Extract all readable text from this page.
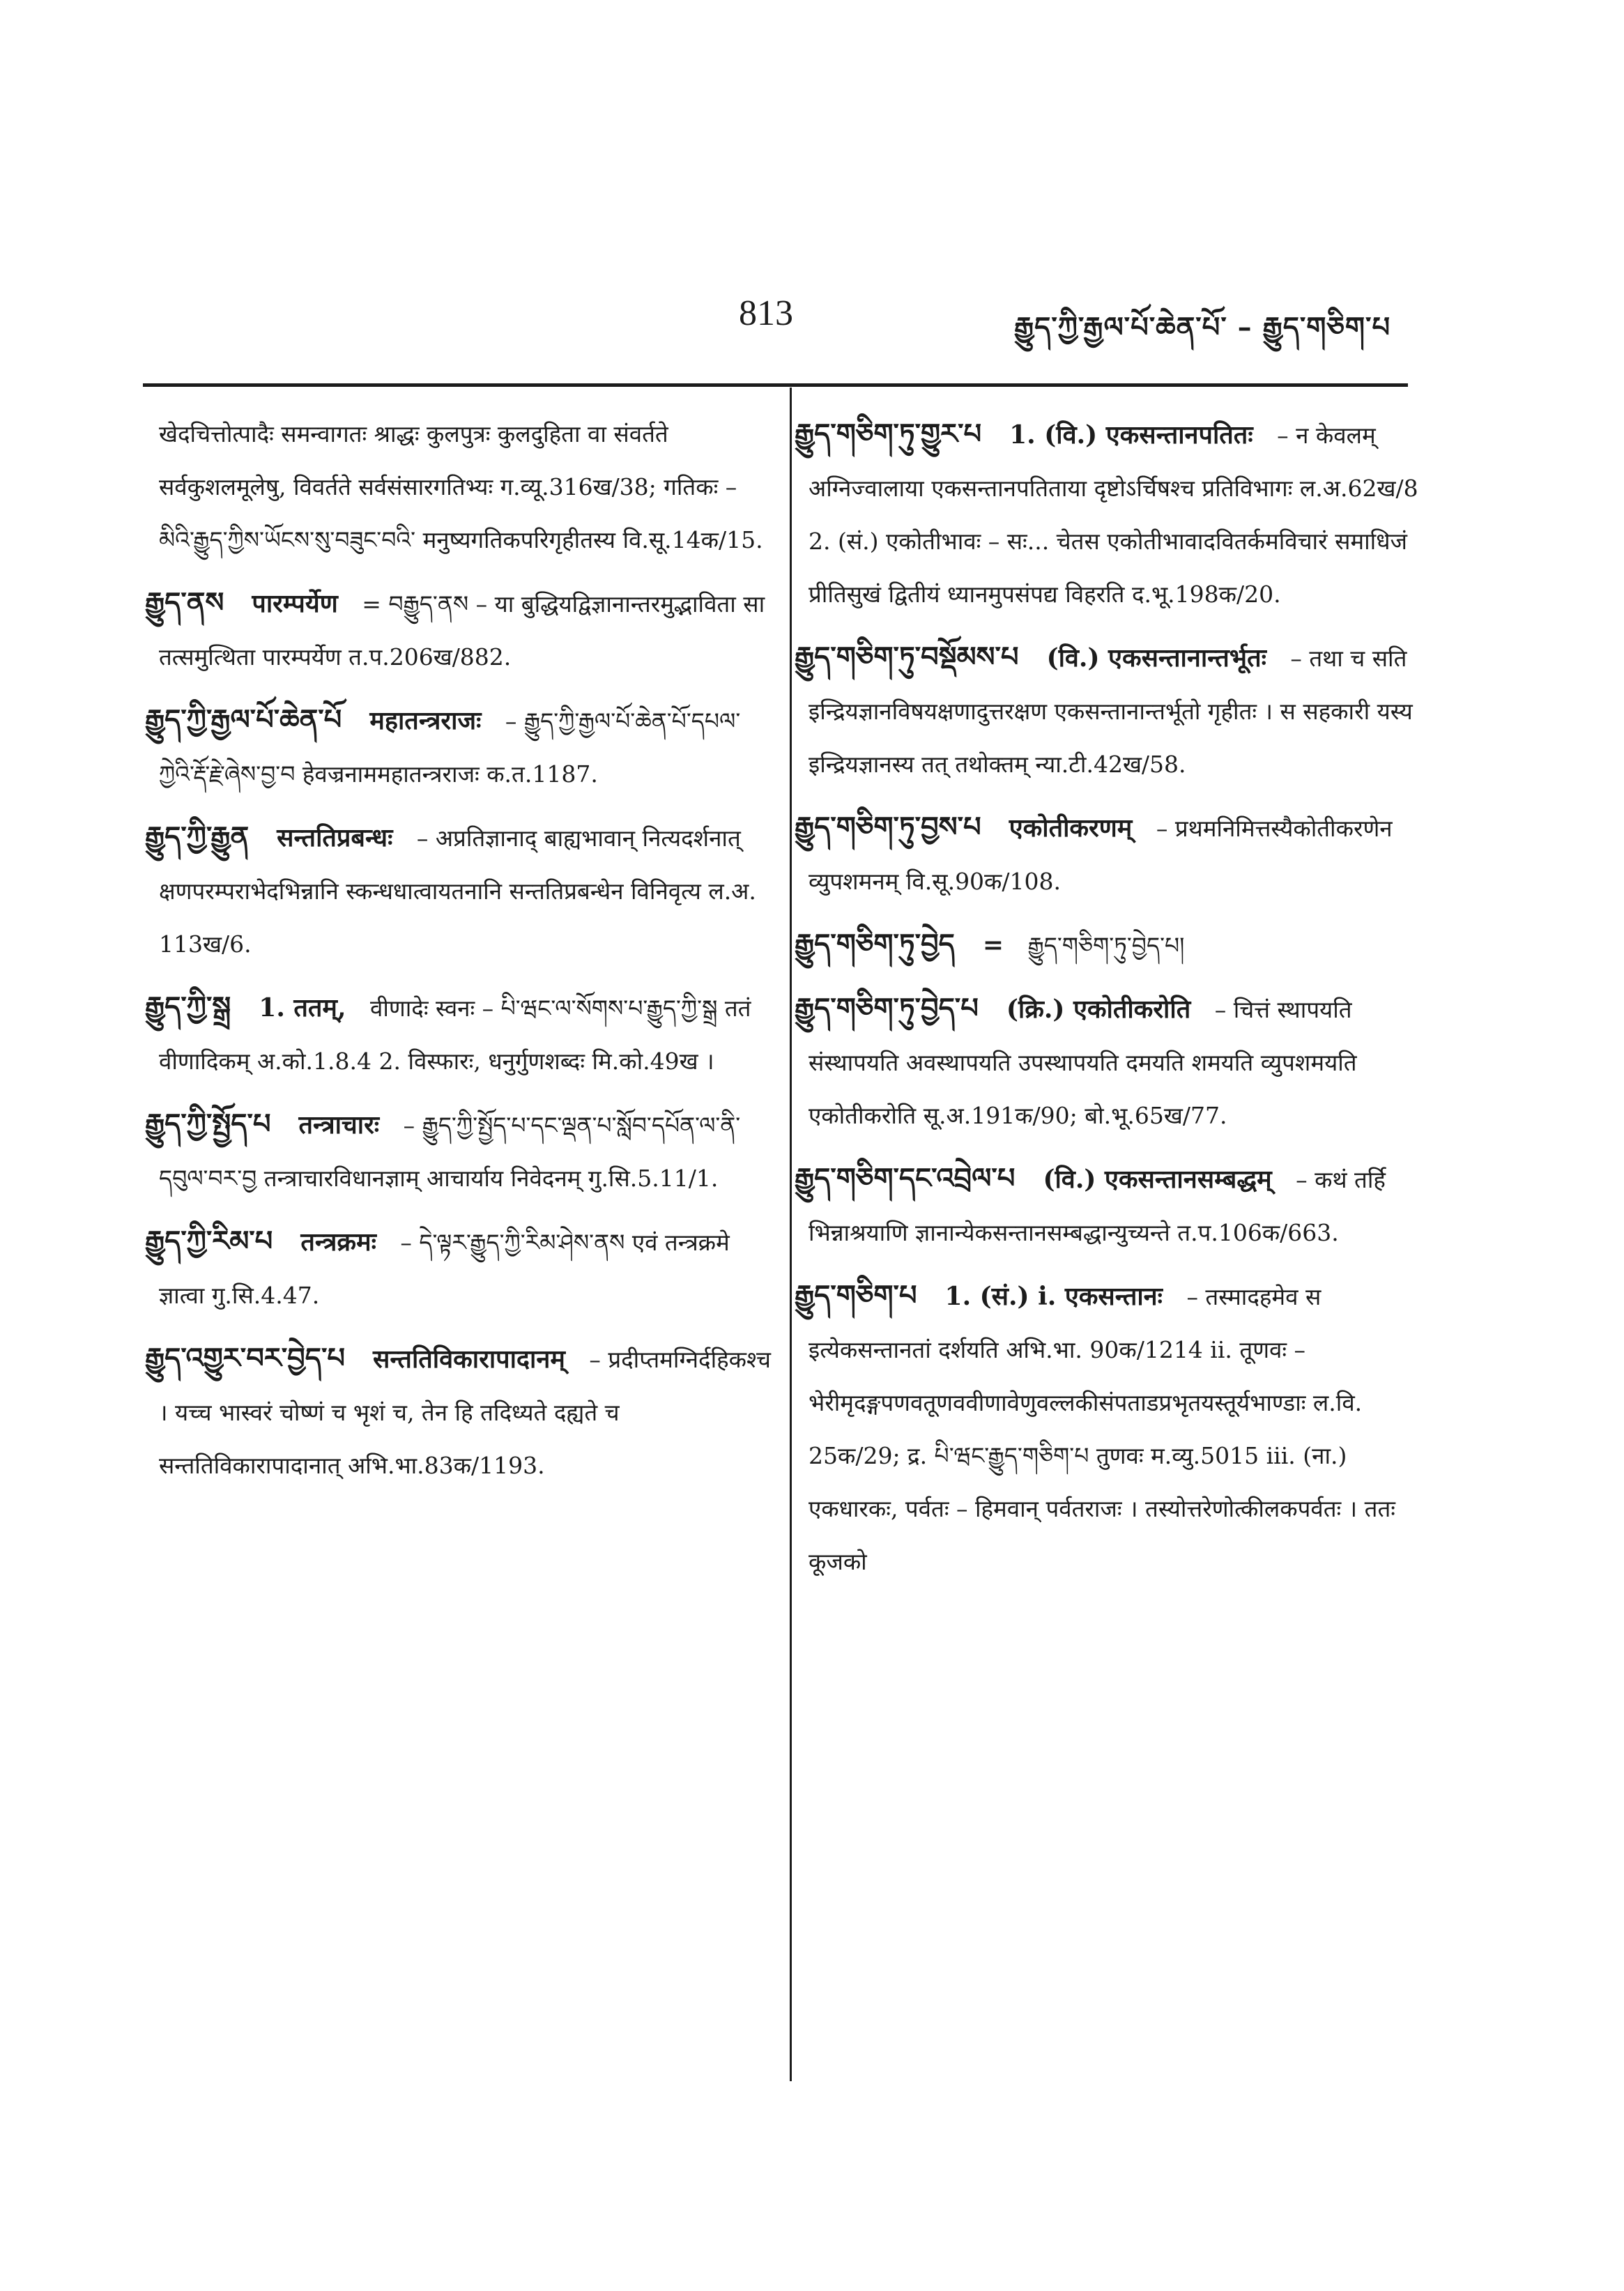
813	རྒྱུད་ཀྱི་རྒྱལ་པོ་ཆེན་པོ་ – རྒྱུད་གཅིག་པ
खेदचित्तोत्पादैः समन्वागतः श्राद्धः कुलपुत्रः कुलदुहिता वा संवर्तते सर्वकुशलमूलेषु, विवर्तते सर्वसंसारगतिभ्यः ग.व्यू.316ख/38; गतिकः – མིའི་རྒྱུད་ཀྱིས་ཡོངས་སུ་བཟུང་བའི་ मनुष्यगतिकपरिगृहीतस्य वि.सू.14क/15.
རྒྱུད་ནས पारम्पर्येण = བརྒྱུད་ནས – या बुद्धियद्विज्ञानान्तरमुद्भाविता सा तत्समुत्थिता पारम्पर्येण त.प.206ख/882.
རྒྱུད་ཀྱི་རྒྱལ་པོ་ཆེན་པོ महातन्त्रराजः – རྒྱུད་ཀྱི་རྒྱལ་པོ་ཆེན་པོ་དཔལ་ཀྱེའི་རྡོ་རྗེ་ཞེས་བྱ་བ हेवज्रनाममहातन्त्रराजः क.त.1187.
རྒྱུད་ཀྱི་རྒྱུན सन्ततिप्रबन्धः – अप्रतिज्ञानाद् बाह्यभावान् नित्यदर्शनात् क्षणपरम्पराभेदभिन्नानि स्कन्धधात्वायतनानि सन्ततिप्रबन्धेन विनिवृत्य ल.अ. 113ख/6.
རྒྱུད་ཀྱི་སྒྲ 1. ततम्, वीणादेः स्वनः – པི་ཝང་ལ་སོགས་པ་རྒྱུད་ཀྱི་སྒྲ ततं वीणादिकम् अ.को.1.8.4 2. विस्फारः, धनुर्गुणशब्दः मि.को.49ख ।
རྒྱུད་ཀྱི་སྤྱོད་པ तन्त्राचारः – རྒྱུད་ཀྱི་སྤྱོད་པ་དང་ལྡན་པ་སློབ་དཔོན་ལ་ནི་དབུལ་བར་བྱ तन्त्राचारविधानज्ञाम् आचार्याय निवेदनम् गु.सि.5.11/1.
རྒྱུད་ཀྱི་རིམ་པ तन्त्रक्रमः – དེ་ལྟར་རྒྱུད་ཀྱི་རིམ་ཤེས་ནས एवं तन्त्रक्रमे ज्ञात्वा गु.सि.4.47.
རྒྱུད་འགྱུར་བར་བྱེད་པ सन्ततिविकारापादानम् – प्रदीप्तमग्निर्दहिकश्च । यच्च भास्वरं चोष्णं च भृशं च, तेन हि तदिध्यते दह्यते च सन्ततिविकारापादानात् अभि.भा.83क/1193.
རྒྱུད་གཅིག་ཏུ་གྱུར་པ 1. (वि.) एकसन्तानपतितः – न केवलम् अग्निज्वालाया एकसन्तानपतिताया दृष्टोऽर्चिषश्च प्रतिविभागः ल.अ.62ख/8 2. (सं.) एकोतीभावः – सः... चेतस एकोतीभावादवितर्कमविचारं समाधिजं प्रीतिसुखं द्वितीयं ध्यानमुपसंपद्य विहरति द.भू.198क/20.
རྒྱུད་གཅིག་ཏུ་བསྡོམས་པ (वि.) एकसन्तानान्तर्भूतः – तथा च सति इन्द्रियज्ञानविषयक्षणादुत्तरक्षण एकसन्तानान्तर्भूतो गृहीतः । स सहकारी यस्य इन्द्रियज्ञानस्य तत् तथोक्तम् न्या.टी.42ख/58.
རྒྱུད་གཅིག་ཏུ་བྱས་པ एकोतीकरणम् – प्रथमनिमित्तस्यैकोतीकरणेन व्युपशमनम् वि.सू.90क/108.
རྒྱུད་གཅིག་ཏུ་བྱེད = རྒྱུད་གཅིག་ཏུ་བྱེད་པ།
རྒྱུད་གཅིག་ཏུ་བྱེད་པ (क्रि.) एकोतीकरोति – चित्तं स्थापयति संस्थापयति अवस्थापयति उपस्थापयति दमयति शमयति व्युपशमयति एकोतीकरोति सू.अ.191क/90; बो.भू.65ख/77.
རྒྱུད་གཅིག་དང་འབྲེལ་པ (वि.) एकसन्तानसम्बद्धम् – कथं तर्हि भिन्नाश्रयाणि ज्ञानान्येकसन्तानसम्बद्धान्युच्यन्ते त.प.106क/663.
རྒྱུད་གཅིག་པ 1. (सं.) i. एकसन्तानः – तस्मादहमेव स इत्येकसन्तानतां दर्शयति अभि.भा. 90क/1214 ii. तूणवः – भेरीमृदङ्गपणवतूणववीणावेणुवल्लकीसंपताडप्रभृतयस्तूर्यभाण्डाः ल.वि. 25क/29; द्र. པི་ཝང་རྒྱུད་གཅིག་པ तुणवः म.व्यु.5015 iii. (ना.) एकधारकः, पर्वतः – हिमवान् पर्वतराजः । तस्योत्तरेणोत्कीलकपर्वतः । ततः कूजको
